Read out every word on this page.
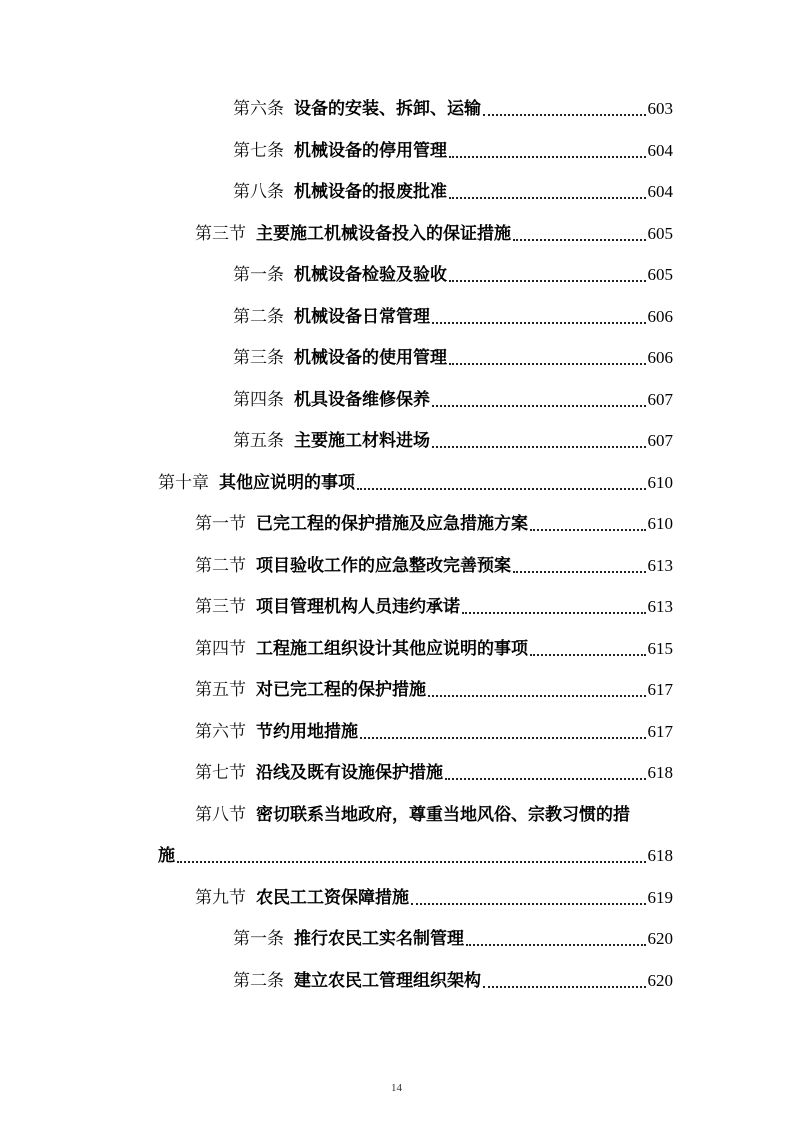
第六条 设备的安装、拆卸、运输	603
第七条 机械设备的停用管理	604
第八条 机械设备的报废批准	604
第三节 主要施工机械设备投入的保证措施	605
第一条 机械设备检验及验收	605
第二条 机械设备日常管理	606
第三条 机械设备的使用管理	606
第四条 机具设备维修保养	607
第五条 主要施工材料进场	607
第十章 其他应说明的事项	610
第一节 已完工程的保护措施及应急措施方案	610
第二节 项目验收工作的应急整改完善预案	613
第三节 项目管理机构人员违约承诺	613
第四节 工程施工组织设计其他应说明的事项	615
第五节 对已完工程的保护措施	617
第六节 节约用地措施	617
第七节 沿线及既有设施保护措施	618
第八节 密切联系当地政府，尊重当地风俗、宗教习惯的措
施	618
第九节 农民工工资保障措施	619
第一条 推行农民工实名制管理	620
第二条 建立农民工管理组织架构	620
14
